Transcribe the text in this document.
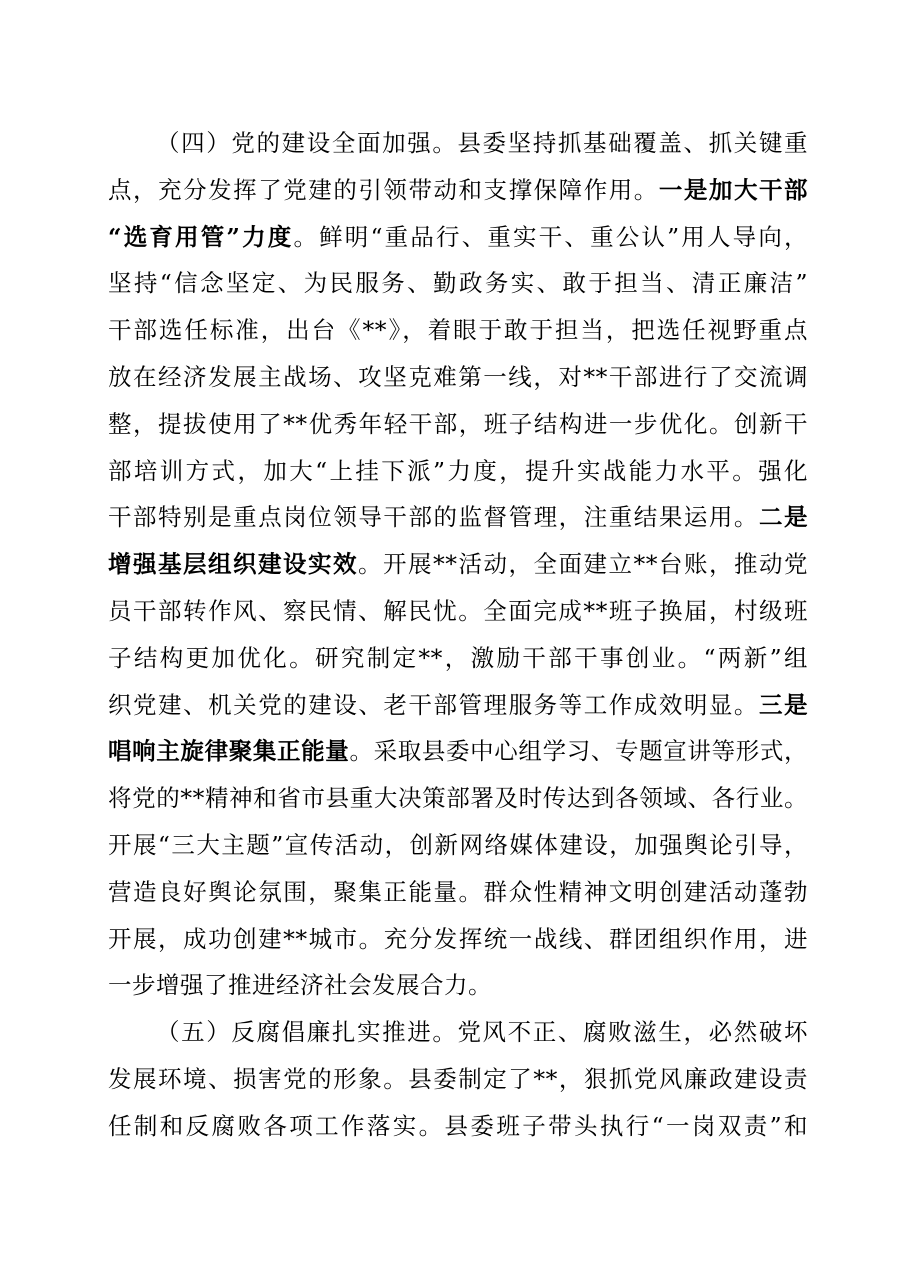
（四）党的建设全面加强。县委坚持抓基础覆盖、抓关键重
点，充分发挥了党建的引领带动和支撑保障作用。一是加大干部
“选育用管”力度。鲜明“重品行、重实干、重公认”用人导向，
坚持“信念坚定、为民服务、勤政务实、敢于担当、清正廉洁”
干部选任标准，出台《**》，着眼于敢于担当，把选任视野重点
放在经济发展主战场、攻坚克难第一线，对**干部进行了交流调
整，提拔使用了**优秀年轻干部，班子结构进一步优化。创新干
部培训方式，加大“上挂下派”力度，提升实战能力水平。强化
干部特别是重点岗位领导干部的监督管理，注重结果运用。二是
增强基层组织建设实效。开展**活动，全面建立**台账，推动党
员干部转作风、察民情、解民忧。全面完成**班子换届，村级班
子结构更加优化。研究制定**，激励干部干事创业。“两新”组
织党建、机关党的建设、老干部管理服务等工作成效明显。三是
唱响主旋律聚集正能量。采取县委中心组学习、专题宣讲等形式，
将党的**精神和省市县重大决策部署及时传达到各领域、各行业。
开展“三大主题”宣传活动，创新网络媒体建设，加强舆论引导，
营造良好舆论氛围，聚集正能量。群众性精神文明创建活动蓬勃
开展，成功创建**城市。充分发挥统一战线、群团组织作用，进
一步增强了推进经济社会发展合力。
（五）反腐倡廉扎实推进。党风不正、腐败滋生，必然破坏
发展环境、损害党的形象。县委制定了**，狠抓党风廉政建设责
任制和反腐败各项工作落实。县委班子带头执行“一岗双责”和
